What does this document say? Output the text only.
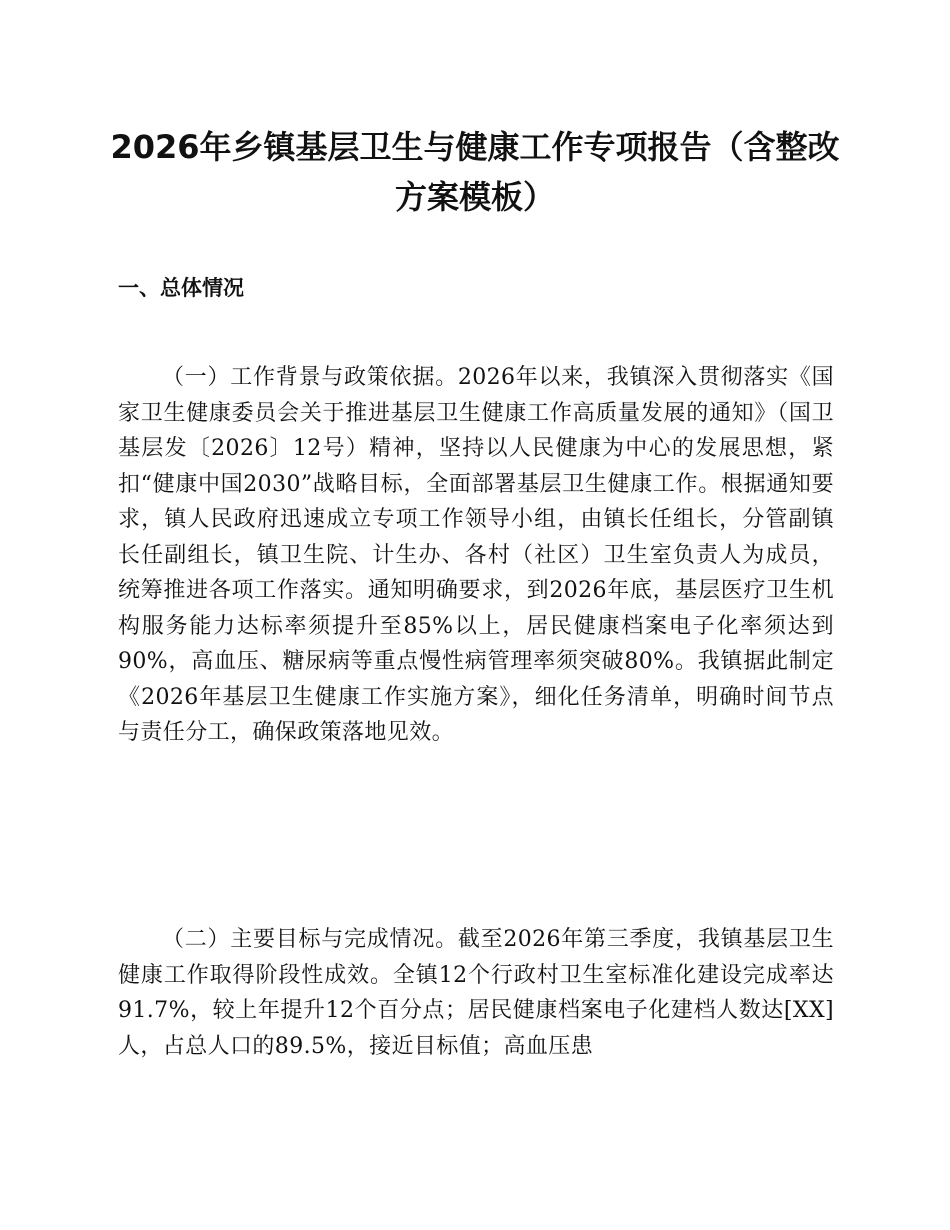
2026年乡镇基层卫生与健康工作专项报告（含整改方案模板）
一、总体情况

（一）工作背景与政策依据。2026年以来，我镇深入贯彻落实《国家卫生健康委员会关于推进基层卫生健康工作高质量发展的通知》（国卫基层发〔2026〕12号）精神，坚持以人民健康为中心的发展思想，紧扣“健康中国2030”战略目标，全面部署基层卫生健康工作。根据通知要求，镇人民政府迅速成立专项工作领导小组，由镇长任组长，分管副镇长任副组长，镇卫生院、计生办、各村（社区）卫生室负责人为成员，统筹推进各项工作落实。通知明确要求，到2026年底，基层医疗卫生机构服务能力达标率须提升至85%以上，居民健康档案电子化率须达到90%，高血压、糖尿病等重点慢性病管理率须突破80%。我镇据此制定《2026年基层卫生健康工作实施方案》，细化任务清单，明确时间节点与责任分工，确保政策落地见效。

（二）主要目标与完成情况。截至2026年第三季度，我镇基层卫生健康工作取得阶段性成效。全镇12个行政村卫生室标准化建设完成率达91.7%，较上年提升12个百分点；居民健康档案电子化建档人数达[XX]人，占总人口的89.5%，接近目标值；高血压患
